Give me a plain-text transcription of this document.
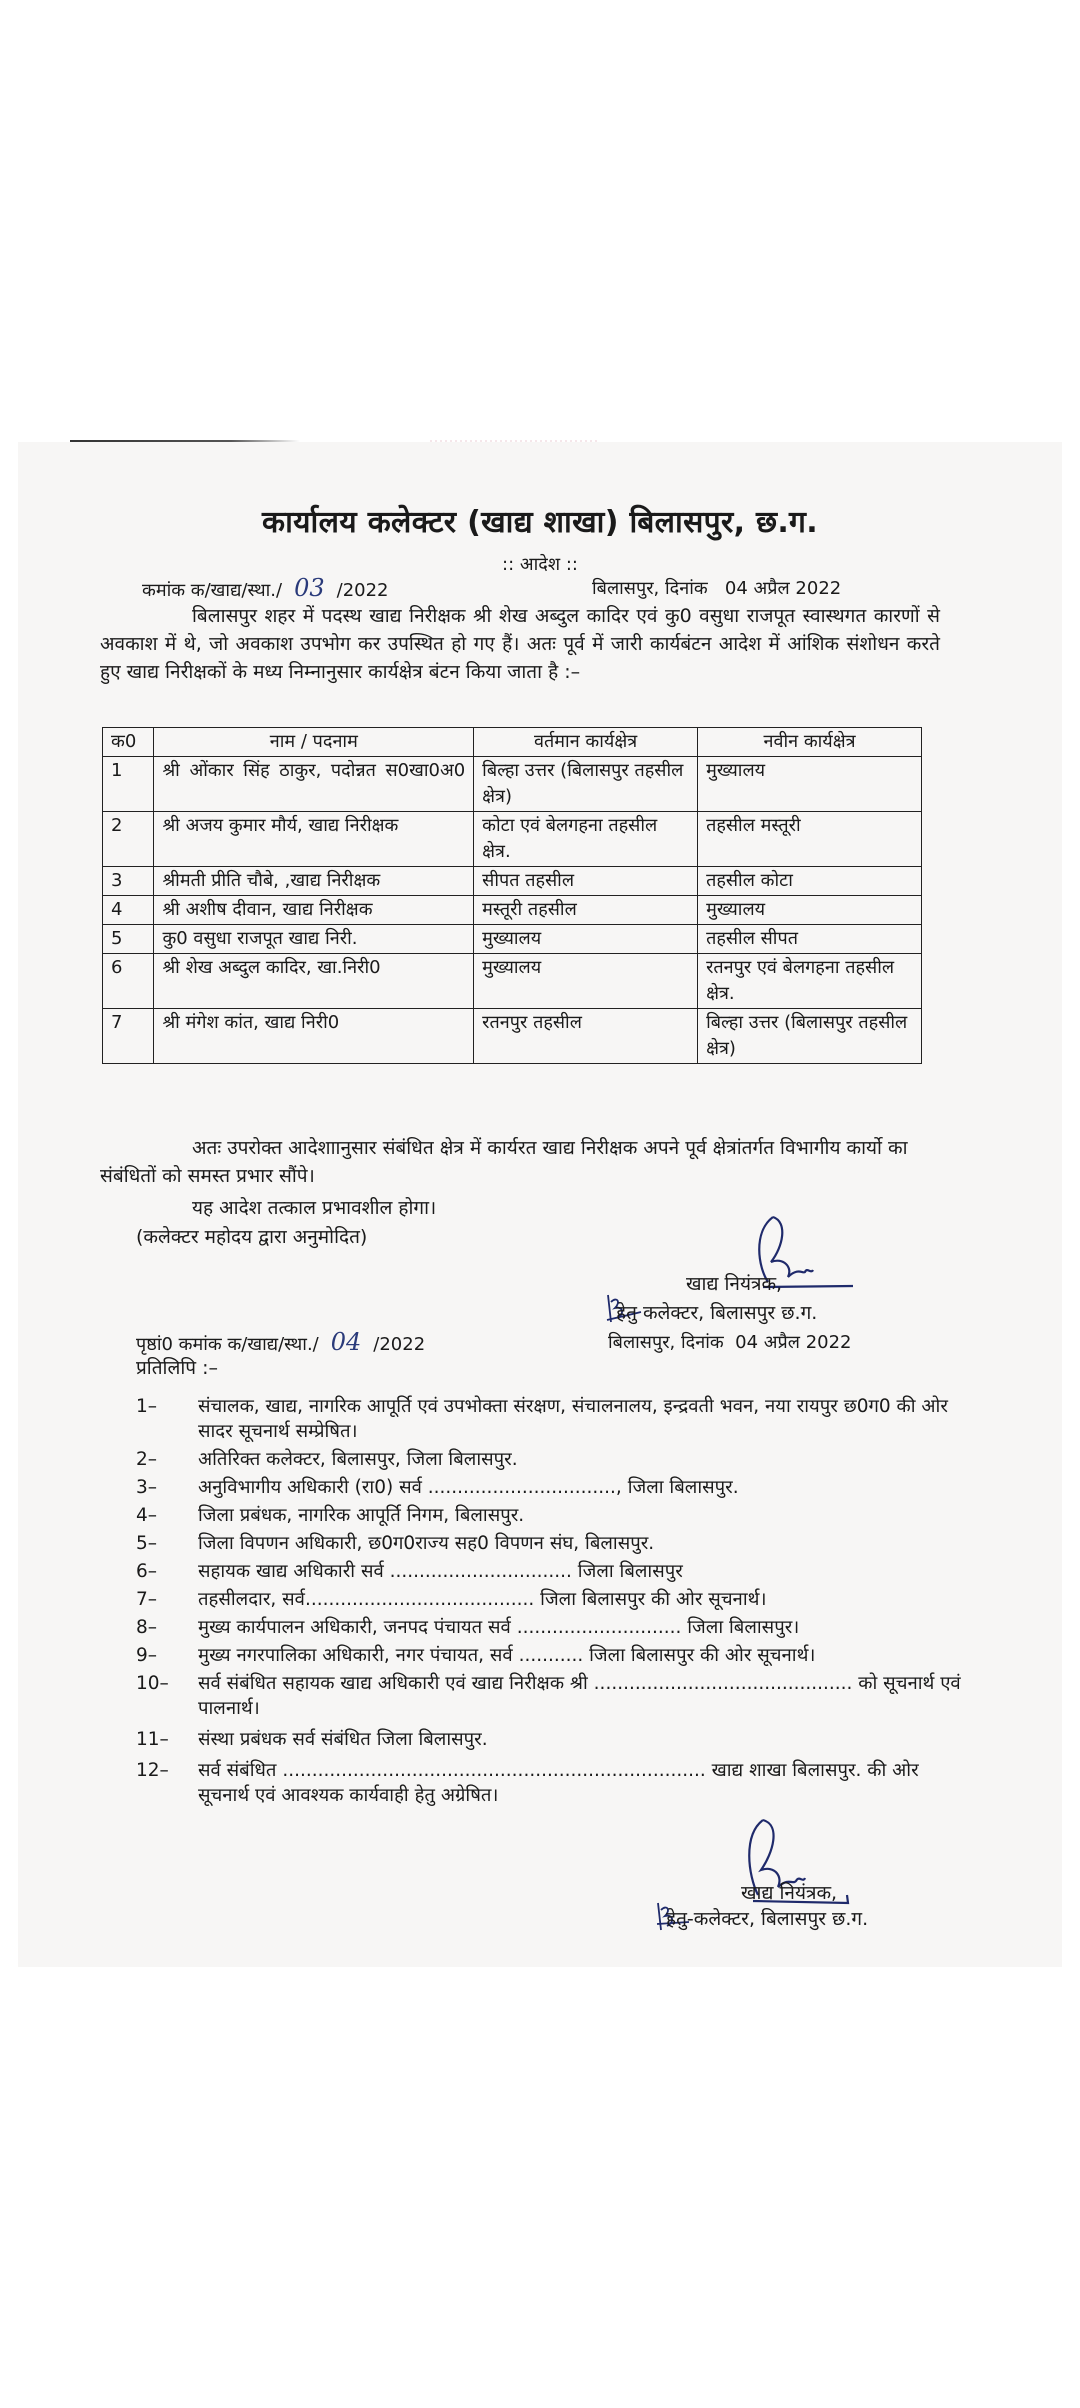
कार्यालय कलेक्टर (खाद्य शाखा) बिलासपुर, छ.ग.
:: आदेश ::
कमांक क/खाद्य/स्था./ 03 /2022	बिलासपुर, दिनांक 04 अप्रैल 2022
बिलासपुर शहर में पदस्थ खाद्य निरीक्षक श्री शेख अब्दुल कादिर एवं कु0 वसुधा राजपूत स्वास्थगत कारणों से अवकाश में थे, जो अवकाश उपभोग कर उपस्थित हो गए हैं। अतः पूर्व में जारी कार्यबंटन आदेश में आंशिक संशोधन करते हुए खाद्य निरीक्षकों के मध्य निम्नानुसार कार्यक्षेत्र बंटन किया जाता है :–
क0	नाम / पदनाम	वर्तमान कार्यक्षेत्र	नवीन कार्यक्षेत्र
1	श्री ओंकार सिंह ठाकुर, पदोन्नत स0खा0अ0	बिल्हा उत्तर (बिलासपुर तहसील क्षेत्र)	मुख्यालय
2	श्री अजय कुमार मौर्य, खाद्य निरीक्षक	कोटा एवं बेलगहना तहसील क्षेत्र.	तहसील मस्तूरी
3	श्रीमती प्रीति चौबे, ,खाद्य निरीक्षक	सीपत तहसील	तहसील कोटा
4	श्री अशीष दीवान, खाद्य निरीक्षक	मस्तूरी तहसील	मुख्यालय
5	कु0 वसुधा राजपूत खाद्य निरी.	मुख्यालय	तहसील सीपत
6	श्री शेख अब्दुल कादिर, खा.निरी0	मुख्यालय	रतनपुर एवं बेलगहना तहसील क्षेत्र.
7	श्री मंगेश कांत, खाद्य निरी0	रतनपुर तहसील	बिल्हा उत्तर (बिलासपुर तहसील क्षेत्र)
अतः उपरोक्त आदेशाानुसार संबंधित क्षेत्र में कार्यरत खाद्य निरीक्षक अपने पूर्व क्षेत्रांतर्गत विभागीय कार्यो का संबंधितों को समस्त प्रभार सौंपे।
यह आदेश तत्काल प्रभावशील होगा।
(कलेक्टर महोदय द्वारा अनुमोदित)
खाद्य नियंत्रक,
हेतु कलेक्टर, बिलासपुर छ.ग.
पृष्ठां0 कमांक क/खाद्य/स्था./ 04 /2022	बिलासपुर, दिनांक 04 अप्रैल 2022
प्रतिलिपि :–
1–	संचालक, खाद्य, नागरिक आपूर्ति एवं उपभोक्ता संरक्षण, संचालनालय, इन्द्रवती भवन, नया रायपुर छ0ग0 की ओर सादर सूचनार्थ सम्प्रेषित।
2–	अतिरिक्त कलेक्टर, बिलासपुर, जिला बिलासपुर.
3–	अनुविभागीय अधिकारी (रा0) सर्व ................................, जिला बिलासपुर.
4–	जिला प्रबंधक, नागरिक आपूर्ति निगम, बिलासपुर.
5–	जिला विपणन अधिकारी, छ0ग0राज्य सह0 विपणन संघ, बिलासपुर.
6–	सहायक खाद्य अधिकारी सर्व ............................... जिला बिलासपुर
7–	तहसीलदार, सर्व....................................... जिला बिलासपुर की ओर सूचनार्थ।
8–	मुख्य कार्यपालन अधिकारी, जनपद पंचायत सर्व ............................ जिला बिलासपुर।
9–	मुख्य नगरपालिका अधिकारी, नगर पंचायत, सर्व ........... जिला बिलासपुर की ओर सूचनार्थ।
10–	सर्व संबंधित सहायक खाद्य अधिकारी एवं खाद्य निरीक्षक श्री ............................................ को सूचनार्थ एवं पालनार्थ।
11–	संस्था प्रबंधक सर्व संबंधित जिला बिलासपुर.
12–	सर्व संबंधित ........................................................................ खाद्य शाखा बिलासपुर. की ओर सूचनार्थ एवं आवश्यक कार्यवाही हेतु अग्रेषित।
खाद्य नियंत्रक,
हेतु-कलेक्टर, बिलासपुर छ.ग.
